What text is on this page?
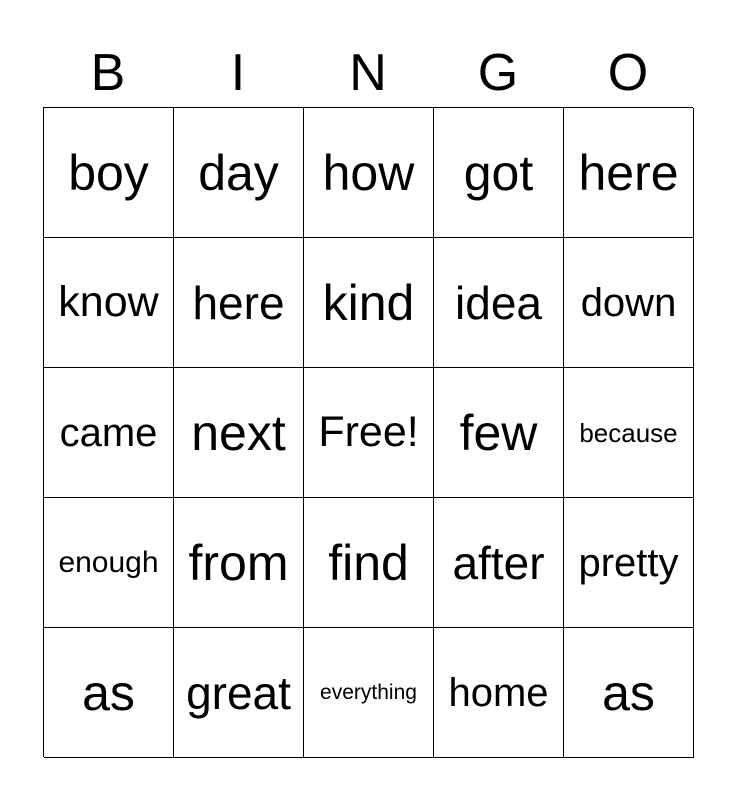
B	I	N	G	O
boy day how got here
know here kind idea down
came next Free! few	because
enough from find after pretty
as	great	everything home	as
